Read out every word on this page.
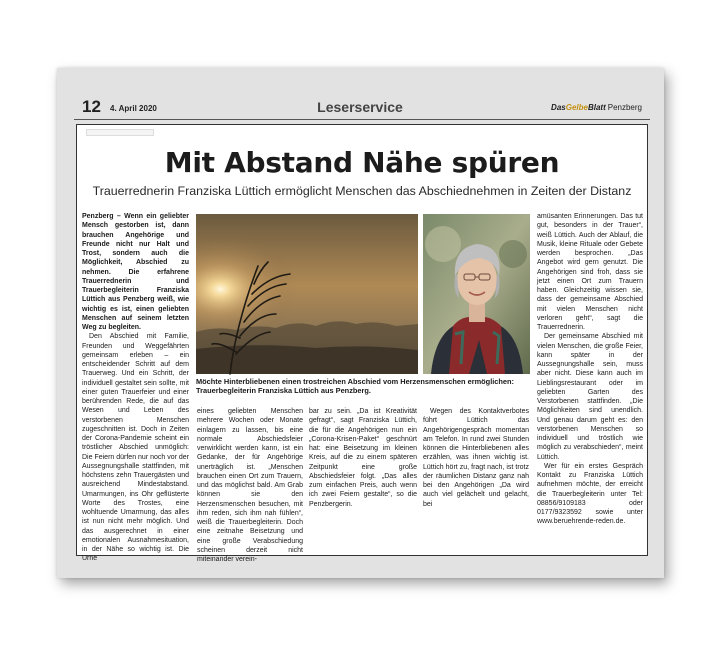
12 4. April 2020	Leserservice	DasGelbeBlatt Penzberg
Mit Abstand Nähe spüren
Trauerrednerin Franziska Lüttich ermöglicht Menschen das Abschiednehmen in Zeiten der Distanz

Penzberg – Wenn ein geliebter Mensch gestorben ist, dann brauchen Angehörige und Freunde nicht nur Halt und Trost, sondern auch die Möglichkeit, Abschied zu nehmen. Die erfahrene Trauerrednerin und Trauerbegleiterin Franziska Lüttich aus Penzberg weiß, wie wichtig es ist, einen geliebten Menschen auf seinem letzten Weg zu begleiten.

Den Abschied mit Familie, Freunden und Weggefährten gemeinsam erleben – ein entscheidender Schritt auf dem Trauerweg. Und ein Schritt, der individuell gestaltet sein sollte, mit einer guten Trauerfeier und einer berührenden Rede, die auf das Wesen und Leben des verstorbenen Menschen zugeschnitten ist. Doch in Zeiten der Corona-Pandemie scheint ein tröstlicher Abschied unmöglich: Die Feiern dürfen nur noch vor der Aussegnungshalle stattfinden, mit höchstens zehn Trauergästen und ausreichend Mindestabstand. Umarmungen, ins Ohr geflüsterte Worte des Trostes, eine wohltuende Umarmung, das alles ist nun nicht mehr möglich. Und das ausgerechnet in einer emotionalen Ausnahmesituation, in der Nähe so wichtig ist. Die Urne

Möchte Hinterbliebenen einen trostreichen Abschied vom Herzensmenschen ermöglichen: Trauerbegleiterin Franziska Lüttich aus Penzberg.

eines geliebten Menschen mehrere Wochen oder Monate einlagern zu lassen, bis eine normale Abschiedsfeier verwirklicht werden kann, ist ein Gedanke, der für Angehörige unerträglich ist. „Menschen brauchen einen Ort zum Trauern, und das möglichst bald. Am Grab können sie den Herzensmenschen besuchen, mit ihm reden, sich ihm nah fühlen“, weiß die Trauerbegleiterin. Doch eine zeitnahe Beisetzung und eine große Verabschiedung scheinen derzeit nicht miteinander verein-

bar zu sein. „Da ist Kreativität gefragt“, sagt Franziska Lüttich, die für die Angehörigen nun ein „Corona-Krisen-Paket“ geschnürt hat: eine Beisetzung im kleinen Kreis, auf die zu einem späteren Zeitpunkt eine große Abschiedsfeier folgt. „Das alles zum einfachen Preis, auch wenn ich zwei Feiern gestalte“, so die Penzbergerin.

Wegen des Kontaktverbotes führt Lüttich das Angehörigengespräch momentan am Telefon. In rund zwei Stunden können die Hinterbliebenen alles erzählen, was ihnen wichtig ist. Lüttich hört zu, fragt nach, ist trotz der räumlichen Distanz ganz nah bei den Angehörigen „Da wird auch viel gelächelt und gelacht, bei

amüsanten Erinnerungen. Das tut gut, besonders in der Trauer“, weiß Lüttich. Auch der Ablauf, die Musik, kleine Rituale oder Gebete werden besprochen. „Das Angebot wird gern genutzt. Die Angehörigen sind froh, dass sie jetzt einen Ort zum Trauern haben. Gleichzeitig wissen sie, dass der gemeinsame Abschied mit vielen Menschen nicht verloren geht“, sagt die Trauerrednerin.

Der gemeinsame Abschied mit vielen Menschen, die große Feier, kann später in der Aussegnungshalle sein, muss aber nicht. Diese kann auch im Lieblingsrestaurant oder im geliebten Garten des Verstorbenen stattfinden. „Die Möglichkeiten sind unendlich. Und genau darum geht es: den verstorbenen Menschen so individuell und tröstlich wie möglich zu verabschieden“, meint Lüttich.

Wer für ein erstes Gespräch Kontakt zu Franziska Lüttich aufnehmen möchte, der erreicht die Trauerbegleiterin unter Tel: 08856/9109183 oder 0177/9323592 sowie unter www.beruehrende-reden.de.
